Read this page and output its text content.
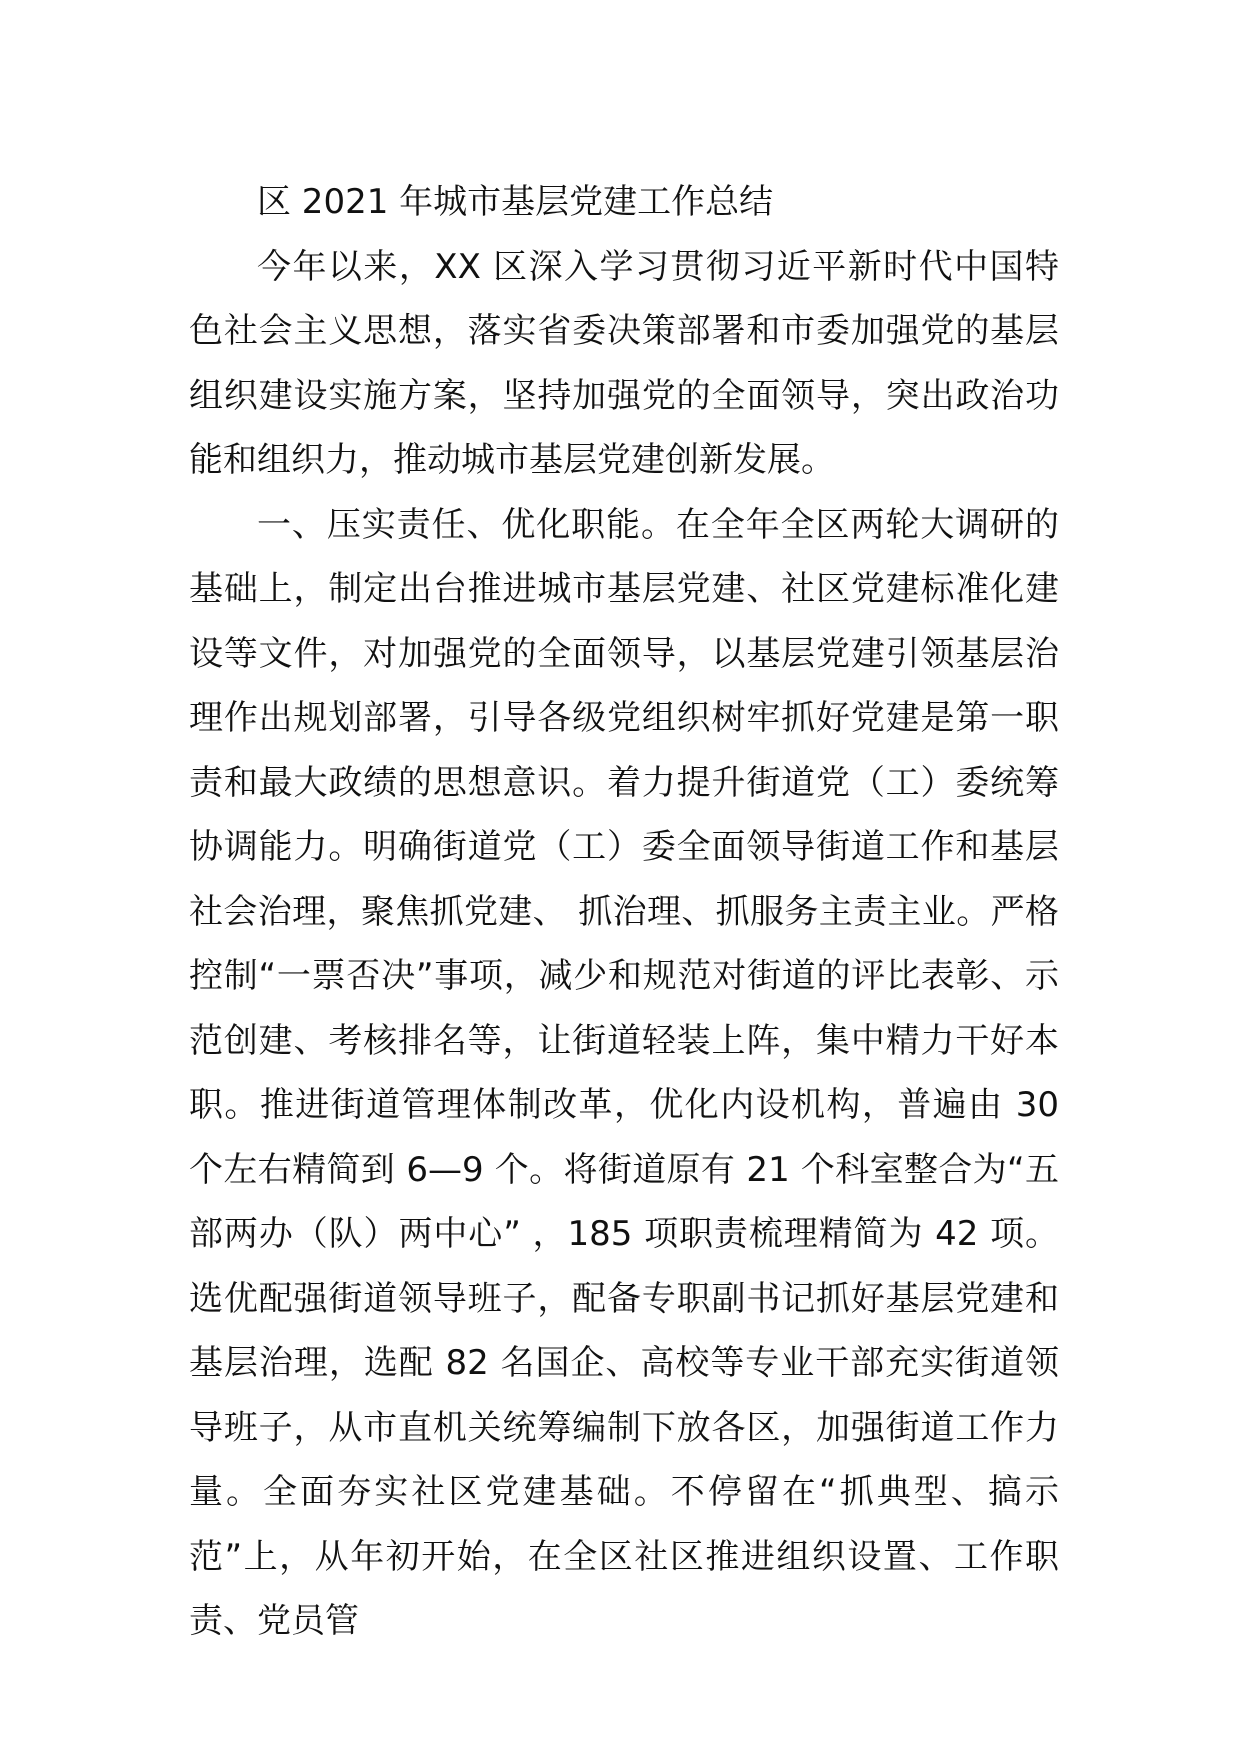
区 2021 年城市基层党建工作总结

今年以来，XX 区深入学习贯彻习近平新时代中国特色社会主义思想，落实省委决策部署和市委加强党的基层组织建设实施方案，坚持加强党的全面领导，突出政治功能和组织力，推动城市基层党建创新发展。

一、压实责任、优化职能。在全年全区两轮大调研的基础上，制定出台推进城市基层党建、社区党建标准化建设等文件，对加强党的全面领导，以基层党建引领基层治理作出规划部署，引导各级党组织树牢抓好党建是第一职责和最大政绩的思想意识。着力提升街道党（工）委统筹协调能力。明确街道党（工）委全面领导街道工作和基层社会治理，聚焦抓党建、 抓治理、抓服务主责主业。严格控制“一票否决”事项，减少和规范对街道的评比表彰、示范创建、考核排名等，让街道轻装上阵，集中精力干好本职。推进街道管理体制改革，优化内设机构，普遍由 30 个左右精简到 6—9 个。将街道原有 21 个科室整合为“五部两办（队）两中心” ，185 项职责梳理精简为 42 项。选优配强街道领导班子，配备专职副书记抓好基层党建和基层治理，选配 82 名国企、高校等专业干部充实街道领导班子，从市直机关统筹编制下放各区，加强街道工作力量。全面夯实社区党建基础。不停留在“抓典型、搞示范”上，从年初开始，在全区社区推进组织设置、工作职责、党员管
